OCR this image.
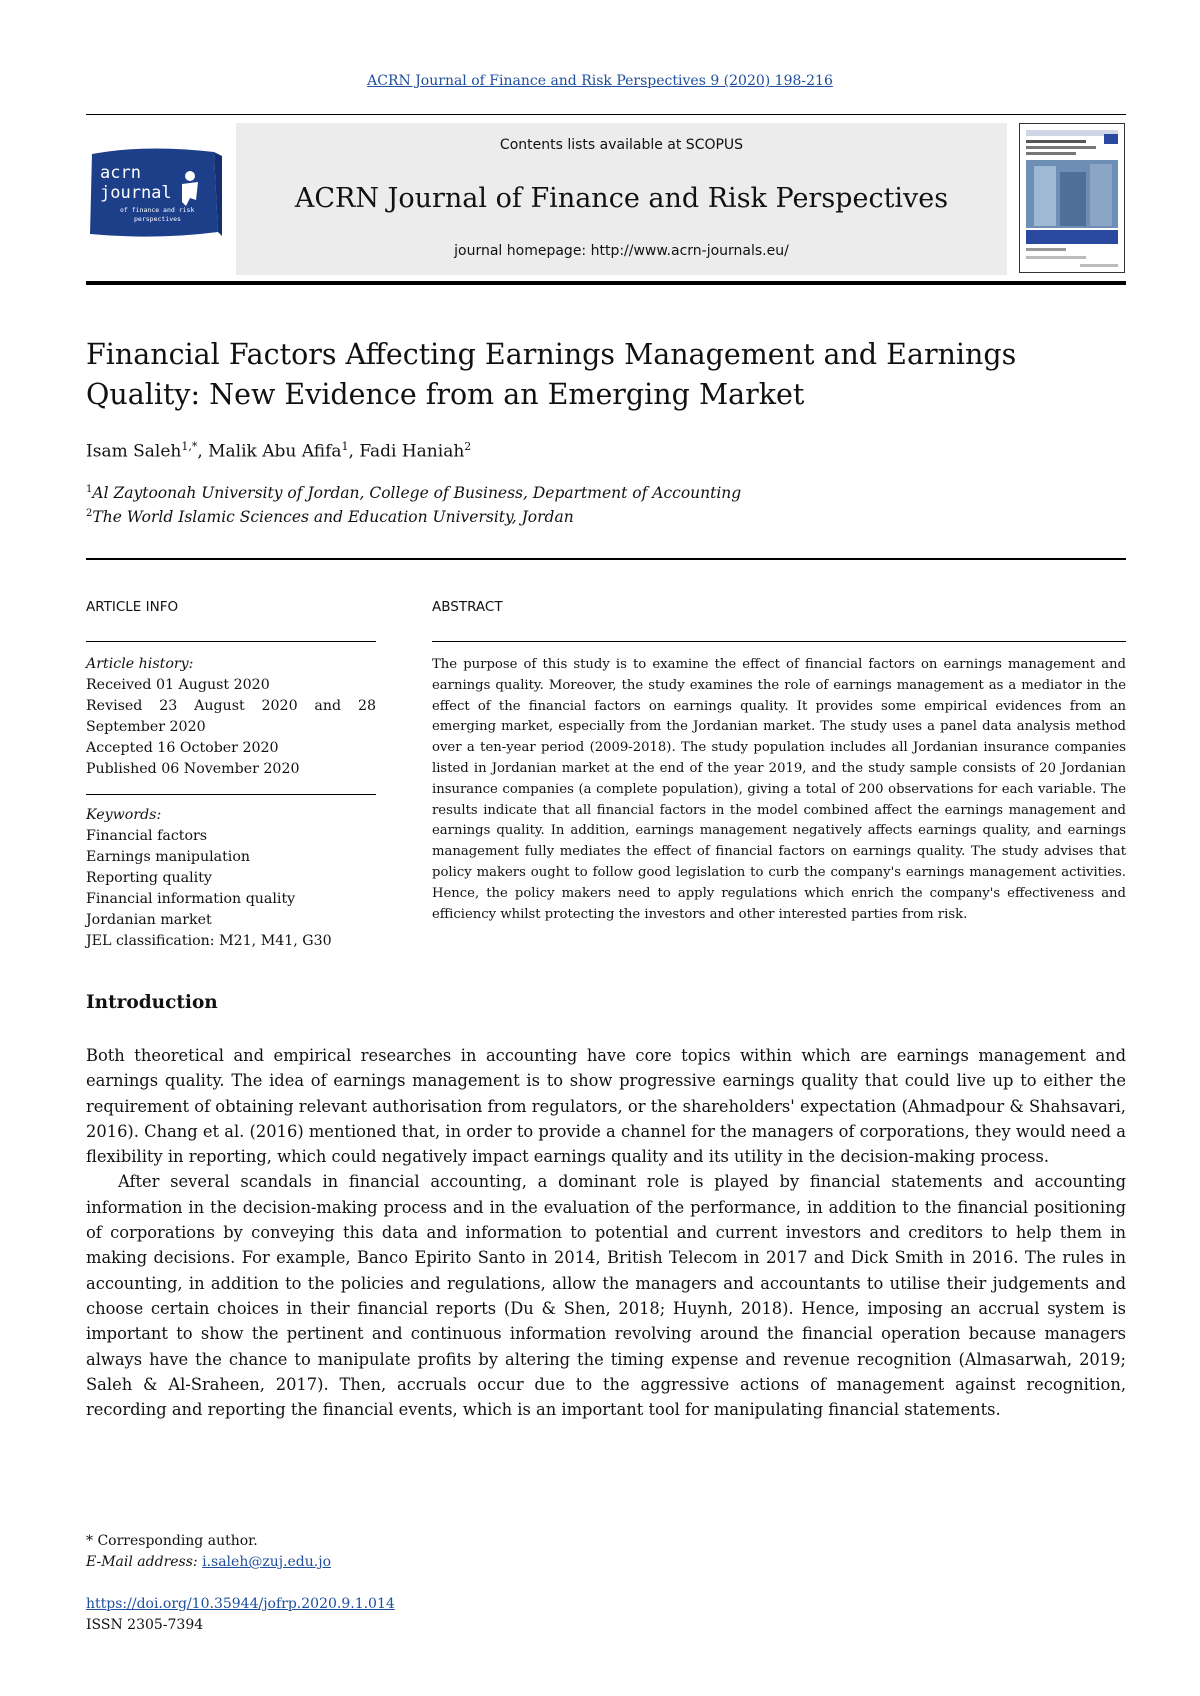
ACRN Journal of Finance and Risk Perspectives 9 (2020) 198-216
acrn
journal
of finance and risk
perspectives
Contents lists available at SCOPUS
ACRN Journal of Finance and Risk Perspectives
journal homepage: http://www.acrn-journals.eu/
Financial Factors Affecting Earnings Management and Earnings
Quality: New Evidence from an Emerging Market
Isam Saleh$^{1,*}$, Malik Abu Afifa$^1$, Fadi Haniah$^2$
$^1$Al Zaytoonah University of Jordan, College of Business, Department of Accounting
$^2$The World Islamic Sciences and Education University, Jordan
ARTICLE INFO	ABSTRACT
Article history:
Received 01 August 2020
Revised 23 August 2020 and 28 September 2020
Accepted 16 October 2020
Published 06 November 2020
Keywords:
Financial factors
Earnings manipulation
Reporting quality
Financial information quality
Jordanian market
JEL classification: M21, M41, G30
The purpose of this study is to examine the effect of financial factors on earnings management and earnings quality. Moreover, the study examines the role of earnings management as a mediator in the effect of the financial factors on earnings quality. It provides some empirical evidences from an emerging market, especially from the Jordanian market. The study uses a panel data analysis method over a ten-year period (2009-2018). The study population includes all Jordanian insurance companies listed in Jordanian market at the end of the year 2019, and the study sample consists of 20 Jordanian insurance companies (a complete population), giving a total of 200 observations for each variable. The results indicate that all financial factors in the model combined affect the earnings management and earnings quality. In addition, earnings management negatively affects earnings quality, and earnings management fully mediates the effect of financial factors on earnings quality. The study advises that policy makers ought to follow good legislation to curb the company's earnings management activities. Hence, the policy makers need to apply regulations which enrich the company's effectiveness and efficiency whilst protecting the investors and other interested parties from risk.
Introduction

Both theoretical and empirical researches in accounting have core topics within which are earnings management and earnings quality. The idea of earnings management is to show progressive earnings quality that could live up to either the requirement of obtaining relevant authorisation from regulators, or the shareholders' expectation (Ahmadpour & Shahsavari, 2016). Chang et al. (2016) mentioned that, in order to provide a channel for the managers of corporations, they would need a flexibility in reporting, which could negatively impact earnings quality and its utility in the decision-making process.

After several scandals in financial accounting, a dominant role is played by financial statements and accounting information in the decision-making process and in the evaluation of the performance, in addition to the financial positioning of corporations by conveying this data and information to potential and current investors and creditors to help them in making decisions. For example, Banco Epirito Santo in 2014, British Telecom in 2017 and Dick Smith in 2016. The rules in accounting, in addition to the policies and regulations, allow the managers and accountants to utilise their judgements and choose certain choices in their financial reports (Du & Shen, 2018; Huynh, 2018). Hence, imposing an accrual system is important to show the pertinent and continuous information revolving around the financial operation because managers always have the chance to manipulate profits by altering the timing expense and revenue recognition (Almasarwah, 2019; Saleh & Al-Sraheen, 2017). Then, accruals occur due to the aggressive actions of management against recognition, recording and reporting the financial events, which is an important tool for manipulating financial statements.

* Corresponding author.
E-Mail address: i.saleh@zuj.edu.jo
https://doi.org/10.35944/jofrp.2020.9.1.014
ISSN 2305-7394
